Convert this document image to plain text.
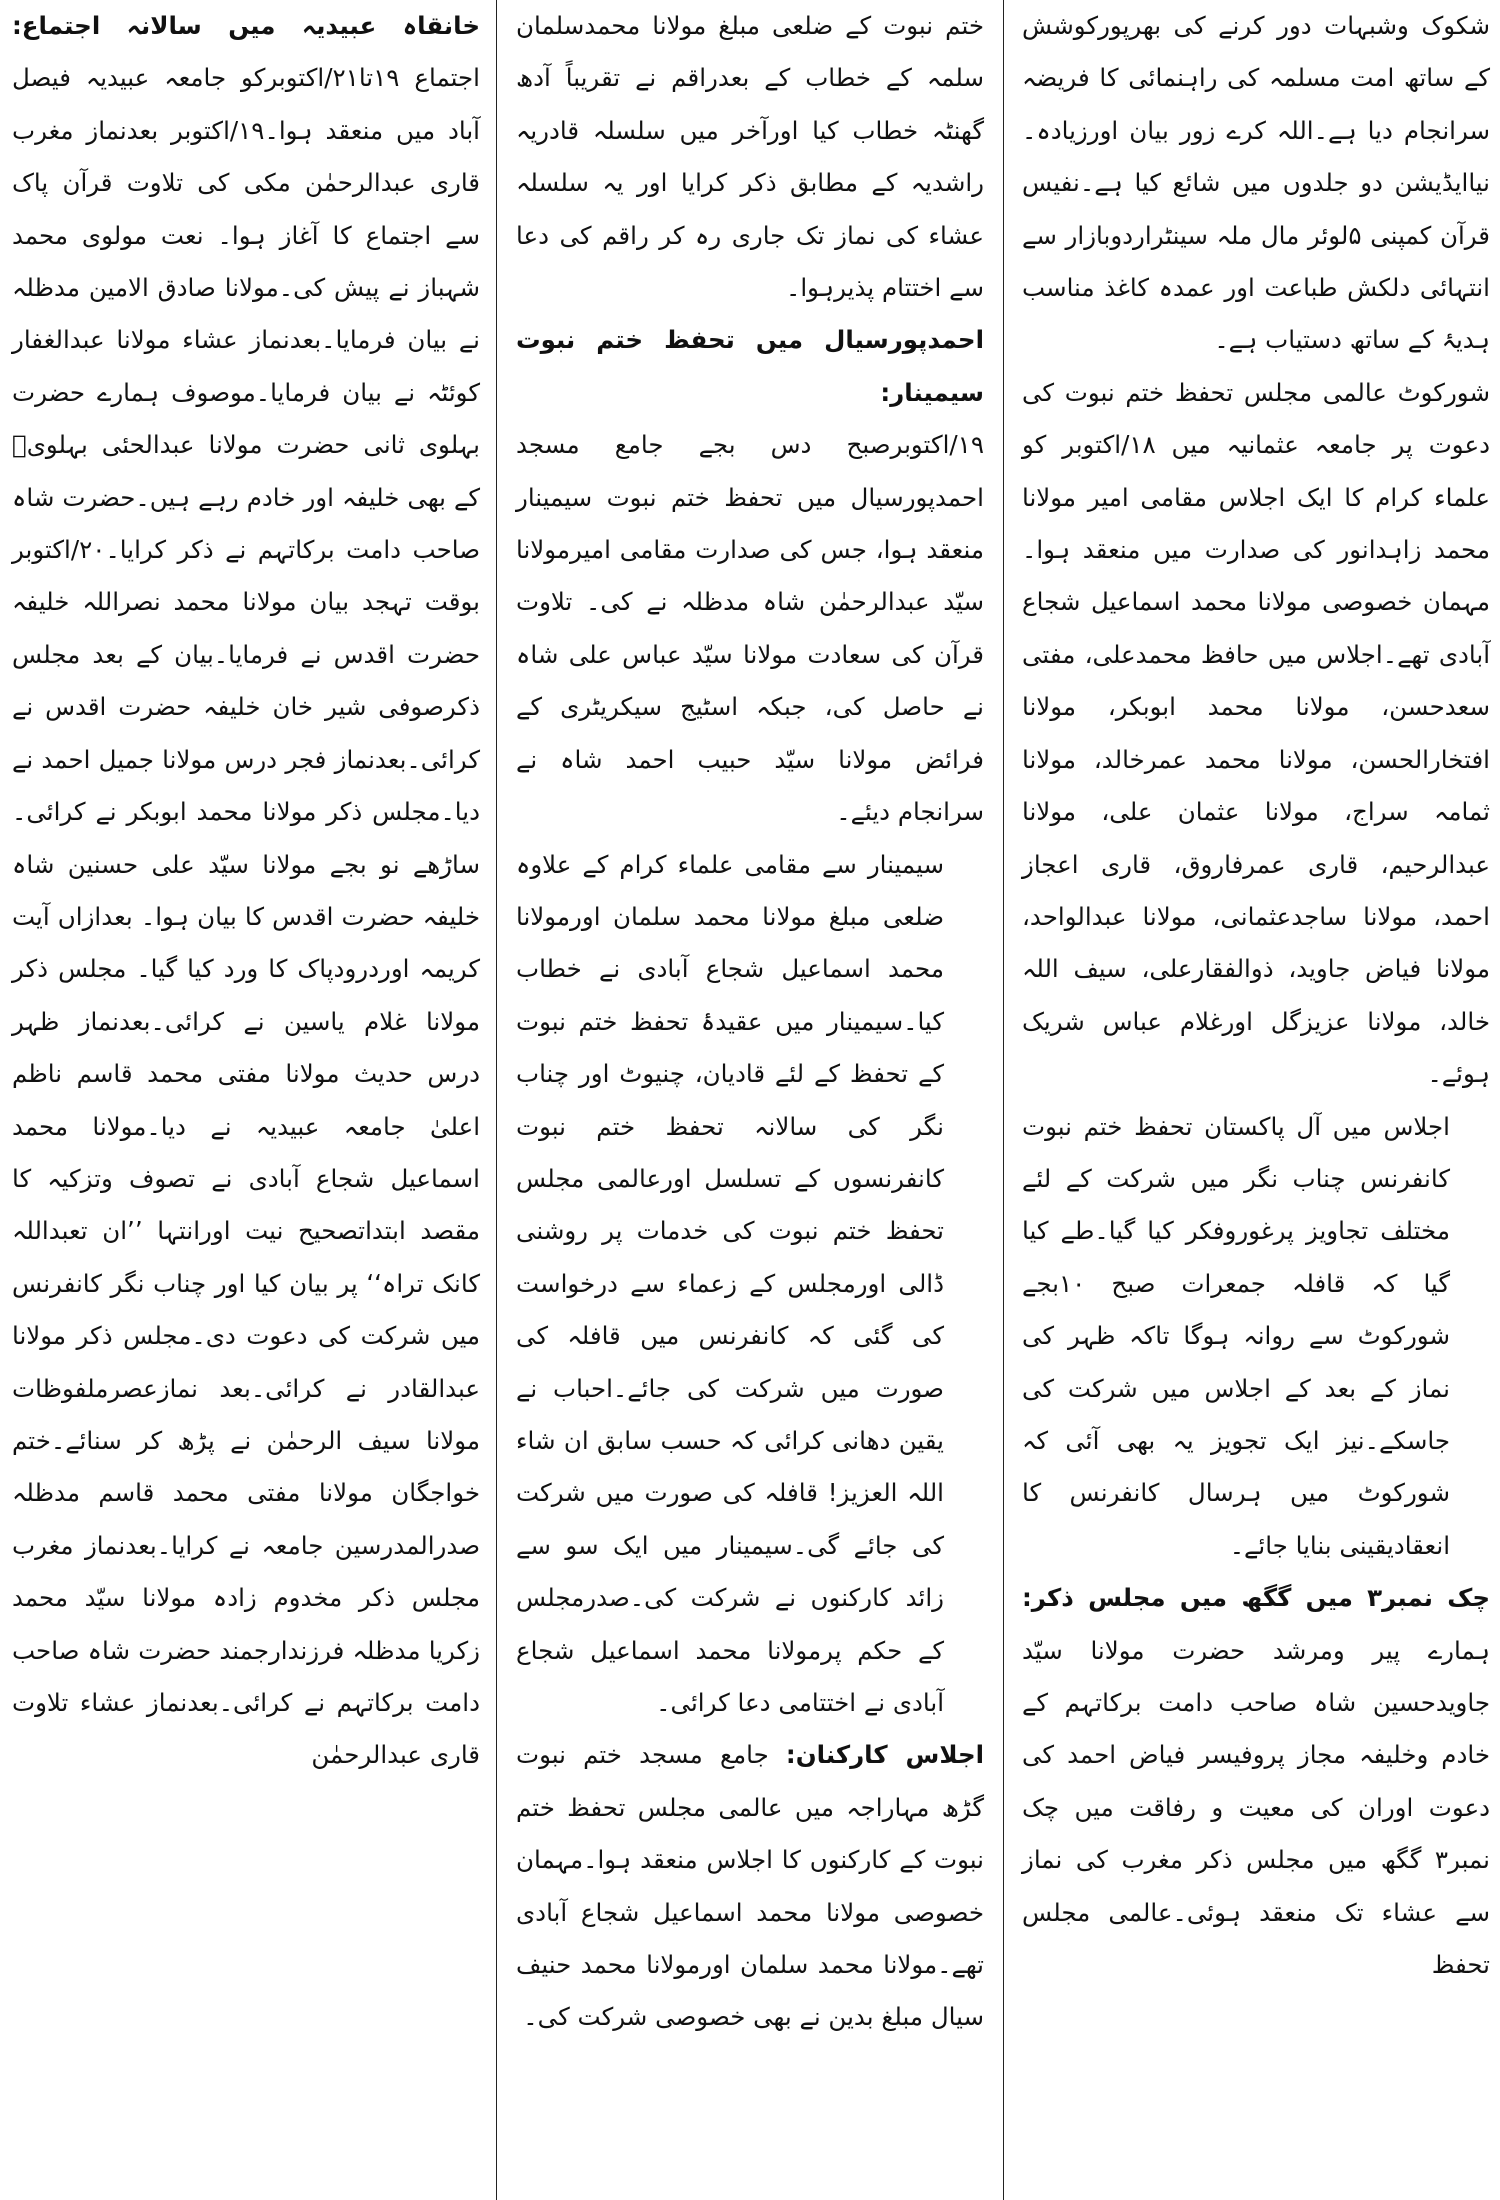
شکوک وشبہات دور کرنے کی بھرپورکوشش کے ساتھ امت مسلمہ کی راہنمائی کا فریضہ سرانجام دیا ہے۔اللہ کرے زور بیان اورزیادہ۔ نیاایڈیشن دو جلدوں میں شائع کیا ہے۔نفیس قرآن کمپنی ۵لوئر مال ملہ سینٹراردوبازار سے انتہائی دلکش طباعت اور عمدہ کاغذ مناسب ہدیۂ کے ساتھ دستیاب ہے۔

شورکوٹ عالمی مجلس تحفظ ختم نبوت کی دعوت پر جامعہ عثمانیہ میں ۱۸/اکتوبر کو علماء کرام کا ایک اجلاس مقامی امیر مولانا محمد زاہدانور کی صدارت میں منعقد ہوا۔مہمان خصوصی مولانا محمد اسماعیل شجاع آبادی تھے۔اجلاس میں حافظ محمدعلی، مفتی سعدحسن، مولانا محمد ابوبکر، مولانا افتخارالحسن، مولانا محمد عمرخالد، مولانا ثمامہ سراج، مولانا عثمان علی، مولانا عبدالرحیم، قاری عمرفاروق، قاری اعجاز احمد، مولانا ساجدعثمانی، مولانا عبدالواحد، مولانا فیاض جاوید، ذوالفقارعلی، سیف اللہ خالد، مولانا عزیزگل اورغلام عباس شریک ہوئے۔

اجلاس میں آل پاکستان تحفظ ختم نبوت کانفرنس چناب نگر میں شرکت کے لئے مختلف تجاویز پرغوروفکر کیا گیا۔طے کیا گیا کہ قافلہ جمعرات صبح ۱۰بجے شورکوٹ سے روانہ ہوگا تاکہ ظہر کی نماز کے بعد کے اجلاس میں شرکت کی جاسکے۔نیز ایک تجویز یہ بھی آئی کہ شورکوٹ میں ہرسال کانفرنس کا انعقادیقینی بنایا جائے۔

چک نمبر۳ میں گگھ میں مجلس ذکر: ہمارے پیر ومرشد حضرت مولانا سیّد جاویدحسین شاہ صاحب دامت برکاتہم کے خادم وخلیفہ مجاز پروفیسر فیاض احمد کی دعوت اوران کی معیت و رفاقت میں چک نمبر۳ گگھ میں مجلس ذکر مغرب کی نماز سے عشاء تک منعقد ہوئی۔عالمی مجلس تحفظ

ختم نبوت کے ضلعی مبلغ مولانا محمدسلمان سلمہ کے خطاب کے بعدراقم نے تقریباً آدھ گھنٹہ خطاب کیا اورآخر میں سلسلہ قادریہ راشدیہ کے مطابق ذکر کرایا اور یہ سلسلہ عشاء کی نماز تک جاری رہ کر راقم کی دعا سے اختتام پذیرہوا۔

احمدپورسیال میں تحفظ ختم نبوت سیمینار:

۱۹/اکتوبرصبح دس بجے جامع مسجد احمدپورسیال میں تحفظ ختم نبوت سیمینار منعقد ہوا، جس کی صدارت مقامی امیرمولانا سیّد عبدالرحمٰن شاہ مدظلہ نے کی۔ تلاوت قرآن کی سعادت مولانا سیّد عباس علی شاہ نے حاصل کی، جبکہ اسٹیج سیکریٹری کے فرائض مولانا سیّد حبیب احمد شاہ نے سرانجام دیئے۔

سیمینار سے مقامی علماء کرام کے علاوہ ضلعی مبلغ مولانا محمد سلمان اورمولانا محمد اسماعیل شجاع آبادی نے خطاب کیا۔سیمینار میں عقیدۂ تحفظ ختم نبوت کے تحفظ کے لئے قادیان، چنیوٹ اور چناب نگر کی سالانہ تحفظ ختم نبوت کانفرنسوں کے تسلسل اورعالمی مجلس تحفظ ختم نبوت کی خدمات پر روشنی ڈالی اورمجلس کے زعماء سے درخواست کی گئی کہ کانفرنس میں قافلہ کی صورت میں شرکت کی جائے۔احباب نے یقین دھانی کرائی کہ حسب سابق ان شاء اللہ العزیز! قافلہ کی صورت میں شرکت کی جائے گی۔سیمینار میں ایک سو سے زائد کارکنوں نے شرکت کی۔صدرمجلس کے حکم پرمولانا محمد اسماعیل شجاع آبادی نے اختتامی دعا کرائی۔

اجلاس کارکنان: جامع مسجد ختم نبوت گڑھ مہاراجہ میں عالمی مجلس تحفظ ختم نبوت کے کارکنوں کا اجلاس منعقد ہوا۔مہمان خصوصی مولانا محمد اسماعیل شجاع آبادی تھے۔مولانا محمد سلمان اورمولانا محمد حنیف سیال مبلغ بدین نے بھی خصوصی شرکت کی۔

خانقاہ عبیدیہ میں سالانہ اجتماع: اجتماع ۱۹تا۲۱/اکتوبرکو جامعہ عبیدیہ فیصل آباد میں منعقد ہوا۔۱۹/اکتوبر بعدنماز مغرب قاری عبدالرحمٰن مکی کی تلاوت قرآن پاک سے اجتماع کا آغاز ہوا۔ نعت مولوی محمد شہباز نے پیش کی۔مولانا صادق الامین مدظلہ نے بیان فرمایا۔بعدنماز عشاء مولانا عبدالغفار کوئٹہ نے بیان فرمایا۔موصوف ہمارے حضرت بہلوی ثانی حضرت مولانا عبدالحئی بہلویؒ کے بھی خلیفہ اور خادم رہے ہیں۔حضرت شاہ صاحب دامت برکاتہم نے ذکر کرایا۔۲۰/اکتوبر بوقت تہجد بیان مولانا محمد نصراللہ خلیفہ حضرت اقدس نے فرمایا۔بیان کے بعد مجلس ذکرصوفی شیر خان خلیفہ حضرت اقدس نے کرائی۔بعدنماز فجر درس مولانا جمیل احمد نے دیا۔مجلس ذکر مولانا محمد ابوبکر نے کرائی۔ساڑھے نو بجے مولانا سیّد علی حسنین شاہ خلیفہ حضرت اقدس کا بیان ہوا۔ بعدازاں آیت کریمہ اوردرودپاک کا ورد کیا گیا۔ مجلس ذکر مولانا غلام یاسین نے کرائی۔بعدنماز ظہر درس حدیث مولانا مفتی محمد قاسم ناظم اعلیٰ جامعہ عبیدیہ نے دیا۔مولانا محمد اسماعیل شجاع آبادی نے تصوف وتزکیہ کا مقصد ابتداتصحیح نیت اورانتہا ’’ان تعبداللہ کانک تراہ‘‘ پر بیان کیا اور چناب نگر کانفرنس میں شرکت کی دعوت دی۔مجلس ذکر مولانا عبدالقادر نے کرائی۔بعد نمازعصرملفوظات مولانا سیف الرحمٰن نے پڑھ کر سنائے۔ختم خواجگان مولانا مفتی محمد قاسم مدظلہ صدرالمدرسین جامعہ نے کرایا۔بعدنماز مغرب مجلس ذکر مخدوم زادہ مولانا سیّد محمد زکریا مدظلہ فرزندارجمند حضرت شاہ صاحب دامت برکاتہم نے کرائی۔بعدنماز عشاء تلاوت قاری عبدالرحمٰن
